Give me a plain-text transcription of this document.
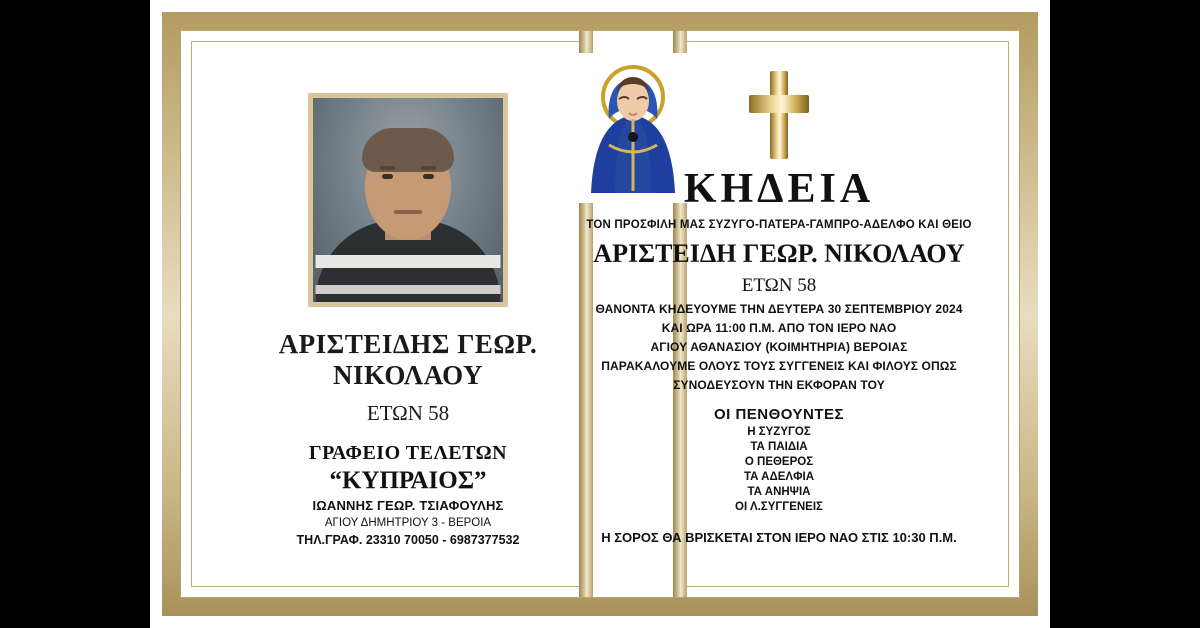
ΑΡΙΣΤΕΙΔΗΣ ΓΕΩΡ. ΝΙΚΟΛΑΟΥ
ΕΤΩΝ 58
ΓΡΑΦΕΙΟ ΤΕΛΕΤΩΝ
“ΚΥΠΡΑΙΟΣ”
ΙΩΑΝΝΗΣ ΓΕΩΡ. ΤΣΙΑΦΟΥΛΗΣ
ΑΓΙΟΥ ΔΗΜΗΤΡΙΟΥ 3 - ΒΕΡΟΙΑ
ΤΗΛ.ΓΡΑΦ. 23310 70050 - 6987377532
ΚΗΔΕΙΑ
ΤΟΝ ΠΡΟΣΦΙΛΗ ΜΑΣ ΣΥΖΥΓΟ-ΠΑΤΕΡΑ-ΓΑΜΠΡΟ-ΑΔΕΛΦΟ ΚΑΙ ΘΕΙΟ
ΑΡΙΣΤΕΙΔΗ ΓΕΩΡ. ΝΙΚΟΛΑΟΥ
ΕΤΩΝ 58
ΘΑΝΟΝΤΑ ΚΗΔΕΥΟΥΜΕ ΤΗΝ ΔΕΥΤΕΡΑ 30 ΣΕΠΤΕΜΒΡΙΟΥ 2024
ΚΑΙ ΩΡΑ 11:00 Π.Μ. ΑΠΟ ΤΟΝ ΙΕΡΟ ΝΑΟ
ΑΓΙΟΥ ΑΘΑΝΑΣΙΟΥ (ΚΟΙΜΗΤΗΡΙΑ) ΒΕΡΟΙΑΣ
ΠΑΡΑΚΑΛΟΥΜΕ ΟΛΟΥΣ ΤΟΥΣ ΣΥΓΓΕΝΕΙΣ ΚΑΙ ΦΙΛΟΥΣ ΟΠΩΣ
ΣΥΝΟΔΕΥΣΟΥΝ ΤΗΝ ΕΚΦΟΡΑΝ ΤΟΥ
ΟΙ ΠΕΝΘΟΥΝΤΕΣ
Η ΣΥΖΥΓΟΣ
ΤΑ ΠΑΙΔΙΑ
Ο ΠΕΘΕΡΟΣ
ΤΑ ΑΔΕΛΦΙΑ
ΤΑ ΑΝΗΨΙΑ
ΟΙ Λ.ΣΥΓΓΕΝΕΙΣ
Η ΣΟΡΟΣ ΘΑ ΒΡΙΣΚΕΤΑΙ ΣΤΟΝ ΙΕΡΟ ΝΑΟ ΣΤΙΣ 10:30 Π.Μ.
